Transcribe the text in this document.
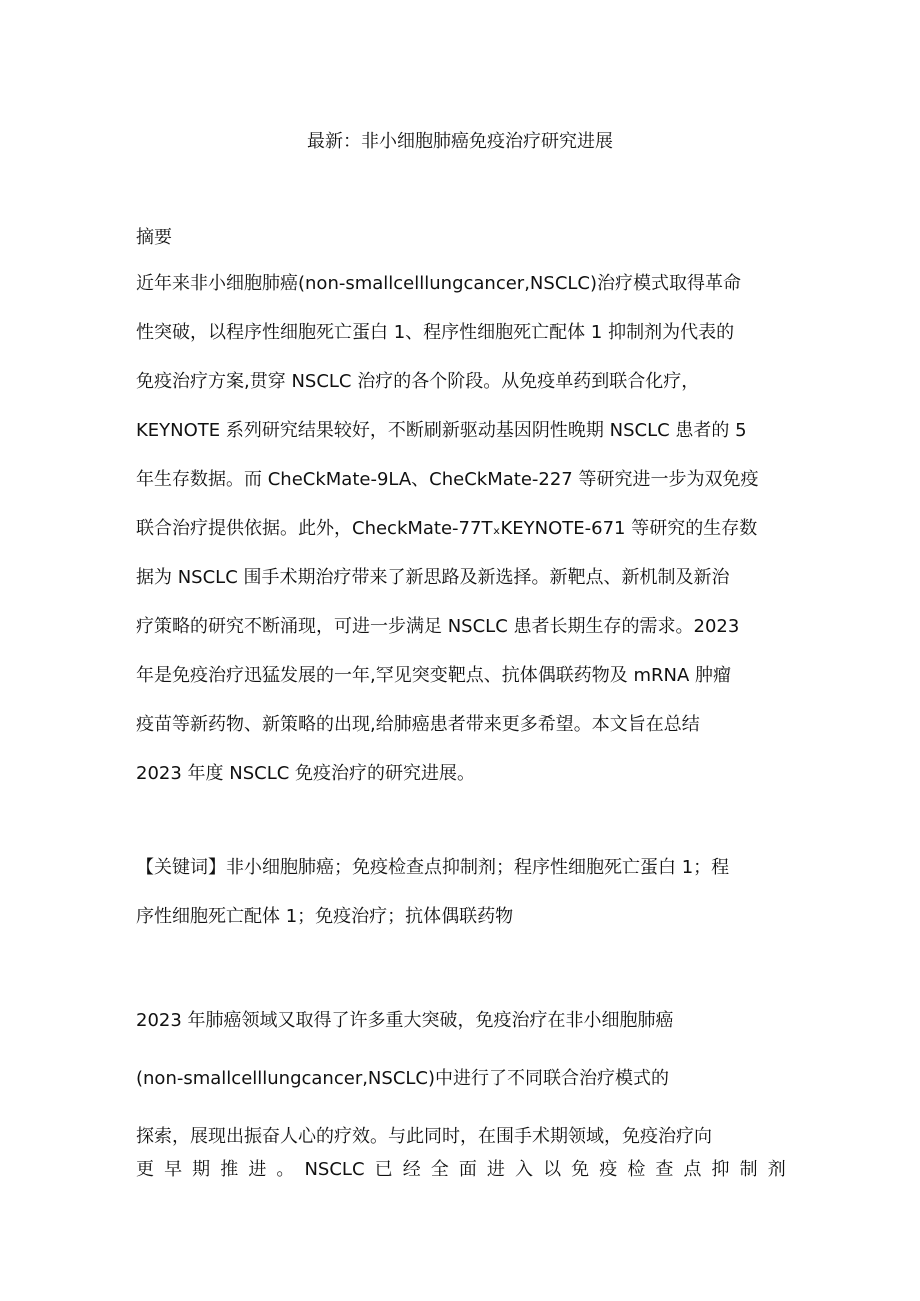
最新：非小细胞肺癌免疫治疗研究进展
摘要
近年来非小细胞肺癌(non-smallcelllungcancer,NSCLC)治疗模式取得革命
性突破，以程序性细胞死亡蛋白 1、程序性细胞死亡配体 1 抑制剂为代表的
免疫治疗方案,贯穿 NSCLC 治疗的各个阶段。从免疫单药到联合化疗，
KEYNOTE 系列研究结果较好，不断刷新驱动基因阴性晚期 NSCLC 患者的 5
年生存数据。而 CheCkMate-9LA、CheCkMate-227 等研究进一步为双免疫
联合治疗提供依据。此外，CheckMate-77TₓKEYNOTE-671 等研究的生存数
据为 NSCLC 围手术期治疗带来了新思路及新选择。新靶点、新机制及新治
疗策略的研究不断涌现，可进一步满足 NSCLC 患者长期生存的需求。2023
年是免疫治疗迅猛发展的一年,罕见突变靶点、抗体偶联药物及 mRNA 肿瘤
疫苗等新药物、新策略的出现,给肺癌患者带来更多希望。本文旨在总结
2023 年度 NSCLC 免疫治疗的研究进展。
【关键词】非小细胞肺癌；免疫检查点抑制剂；程序性细胞死亡蛋白 1；程
序性细胞死亡配体 1；免疫治疗；抗体偶联药物
2023 年肺癌领域又取得了许多重大突破，免疫治疗在非小细胞肺癌
(non-smallcelllungcancer,NSCLC)中进行了不同联合治疗模式的
探索，展现出振奋人心的疗效。与此同时，在围手术期领域，免疫治疗向
更 早 期 推 进 。 NSCLC 已 经 全 面 进 入 以 免 疫 检 查 点 抑 制 剂
